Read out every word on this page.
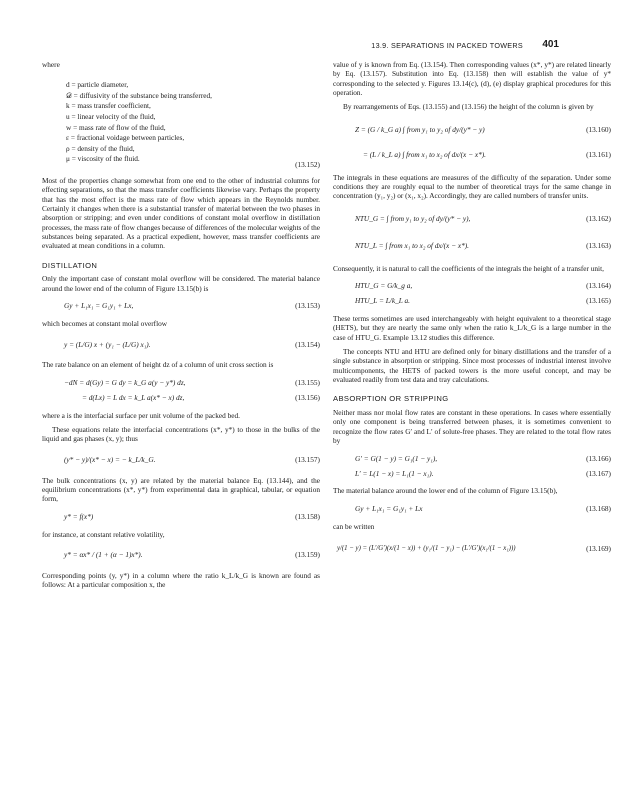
13.9. SEPARATIONS IN PACKED TOWERS 401

where

d = particle diameter,
𝒟 = diffusivity of the substance being transferred,
k = mass transfer coefficient,
u = linear velocity of the fluid,
w = mass rate of flow of the fluid,
ε = fractional voidage between particles,
ρ = density of the fluid,
μ = viscosity of the fluid.
(13.152)

Most of the properties change somewhat from one end to the other of industrial columns for effecting separations, so that the mass transfer coefficients likewise vary. Perhaps the property that has the most effect is the mass rate of flow which appears in the Reynolds number. Certainly it changes when there is a substantial transfer of material between the two phases in absorption or stripping; and even under conditions of constant molal overflow in distillation processes, the mass rate of flow changes because of differences of the molecular weights of the substances being separated. As a practical expedient, however, mass transfer coefficients are evaluated at mean conditions in a column.

DISTILLATION

Only the important case of constant molal overflow will be considered. The material balance around the lower end of the column of Figure 13.15(b) is

Gy + L₁x₁ = G₁y₁ + Lx,	(13.153)

which becomes at constant molal overflow

y = (L/G) x + (y₁ − (L/G) x₁).	(13.154)

The rate balance on an element of height dz of a column of unit cross section is

−dN = d(Gy) = G dy = k_G a(y − y*) dz,	(13.155)
= d(Lx) = L dx = k_L a(x* − x) dz,	(13.156)

where a is the interfacial surface per unit volume of the packed bed.

These equations relate the interfacial concentrations (x*, y*) to those in the bulks of the liquid and gas phases (x, y); thus

(y* − y)/(x* − x) = − k_L/k_G.	(13.157)

The bulk concentrations (x, y) are related by the material balance Eq. (13.144), and the equilibrium concentrations (x*, y*) from experimental data in graphical, tabular, or equation form,

y* = f(x*)	(13.158)

for instance, at constant relative volatility,

y* = αx* / (1 + (α − 1)x*).	(13.159)

Corresponding points (y, y*) in a column where the ratio k_L/k_G is known are found as follows: At a particular composition x, the

value of y is known from Eq. (13.154). Then corresponding values (x*, y*) are related linearly by Eq. (13.157). Substitution into Eq. (13.158) then will establish the value of y* corresponding to the selected y. Figures 13.14(c), (d), (e) display graphical procedures for this operation.

By rearrangements of Eqs. (13.155) and (13.156) the height of the column is given by

Z = (G / k_G a) ∫ from y₁ to y₂ of dy/(y* − y)	(13.160)
= (L / k_L a) ∫ from x₁ to x₂ of dx/(x − x*).	(13.161)

The integrals in these equations are measures of the difficulty of the separation. Under some conditions they are roughly equal to the number of theoretical trays for the same change in concentration (y₁, y₂) or (x₁, x₂). Accordingly, they are called numbers of transfer units.

NTU_G = ∫ from y₁ to y₂ of dy/(y* − y),	(13.162)
NTU_L = ∫ from x₁ to x₂ of dx/(x − x*).	(13.163)

Consequently, it is natural to call the coefficients of the integrals the height of a transfer unit,

HTU_G = G/k_g a,	(13.164)
HTU_L = L/k_L a.	(13.165)

These terms sometimes are used interchangeably with height equivalent to a theoretical stage (HETS), but they are nearly the same only when the ratio k_L/k_G is a large number in the case of HTU_G. Example 13.12 studies this difference.

The concepts NTU and HTU are defined only for binary distillations and the transfer of a single substance in absorption or stripping. Since most processes of industrial interest involve multicomponents, the HETS of packed towers is the more useful concept, and may be evaluated readily from test data and tray calculations.

ABSORPTION OR STRIPPING

Neither mass nor molal flow rates are constant in these operations. In cases where essentially only one component is being transferred between phases, it is sometimes convenient to recognize the flow rates G′ and L′ of solute-free phases. They are related to the total flow rates by

G′ = G(1 − y) = G₁(1 − y₁),	(13.166)
L′ = L(1 − x) = L₁(1 − x₁).	(13.167)

The material balance around the lower end of the column of Figure 13.15(b),

Gy + L₁x₁ = G₁y₁ + Lx	(13.168)

can be written

y/(1 − y) = (L′/G′)(x/(1 − x)) + (y₁/(1 − y₁) − (L′/G′)(x₁/(1 − x₁)))	(13.169)
